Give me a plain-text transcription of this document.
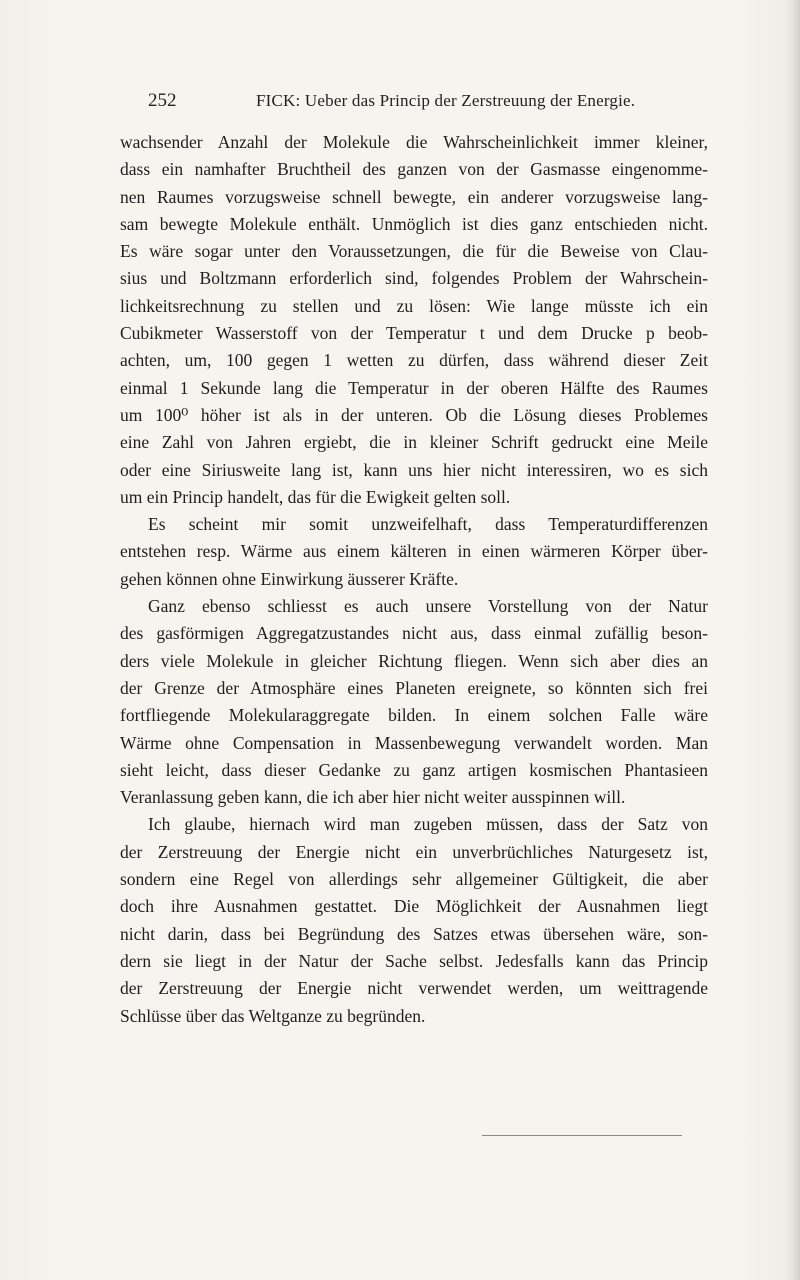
252	FICK: Ueber das Princip der Zerstreuung der Energie.
wachsender Anzahl der Molekule die Wahrscheinlichkeit immer kleiner,
dass ein namhafter Bruchtheil des ganzen von der Gasmasse eingenomme-
nen Raumes vorzugsweise schnell bewegte, ein anderer vorzugsweise lang-
sam bewegte Molekule enthält. Unmöglich ist dies ganz entschieden nicht.
Es wäre sogar unter den Voraussetzungen, die für die Beweise von Clau-
sius und Boltzmann erforderlich sind, folgendes Problem der Wahrschein-
lichkeitsrechnung zu stellen und zu lösen: Wie lange müsste ich ein
Cubikmeter Wasserstoff von der Temperatur t und dem Drucke p beob-
achten, um, 100 gegen 1 wetten zu dürfen, dass während dieser Zeit
einmal 1 Sekunde lang die Temperatur in der oberen Hälfte des Raumes
um 100⁰ höher ist als in der unteren. Ob die Lösung dieses Problemes
eine Zahl von Jahren ergiebt, die in kleiner Schrift gedruckt eine Meile
oder eine Siriusweite lang ist, kann uns hier nicht interessiren, wo es sich
um ein Princip handelt, das für die Ewigkeit gelten soll.
Es scheint mir somit unzweifelhaft, dass Temperaturdifferenzen
entstehen resp. Wärme aus einem kälteren in einen wärmeren Körper über-
gehen können ohne Einwirkung äusserer Kräfte.
Ganz ebenso schliesst es auch unsere Vorstellung von der Natur
des gasförmigen Aggregatzustandes nicht aus, dass einmal zufällig beson-
ders viele Molekule in gleicher Richtung fliegen. Wenn sich aber dies an
der Grenze der Atmosphäre eines Planeten ereignete, so könnten sich frei
fortfliegende Molekularaggregate bilden. In einem solchen Falle wäre
Wärme ohne Compensation in Massenbewegung verwandelt worden. Man
sieht leicht, dass dieser Gedanke zu ganz artigen kosmischen Phantasieen
Veranlassung geben kann, die ich aber hier nicht weiter ausspinnen will.
Ich glaube, hiernach wird man zugeben müssen, dass der Satz von
der Zerstreuung der Energie nicht ein unverbrüchliches Naturgesetz ist,
sondern eine Regel von allerdings sehr allgemeiner Gültigkeit, die aber
doch ihre Ausnahmen gestattet. Die Möglichkeit der Ausnahmen liegt
nicht darin, dass bei Begründung des Satzes etwas übersehen wäre, son-
dern sie liegt in der Natur der Sache selbst. Jedesfalls kann das Princip
der Zerstreuung der Energie nicht verwendet werden, um weittragende
Schlüsse über das Weltganze zu begründen.
